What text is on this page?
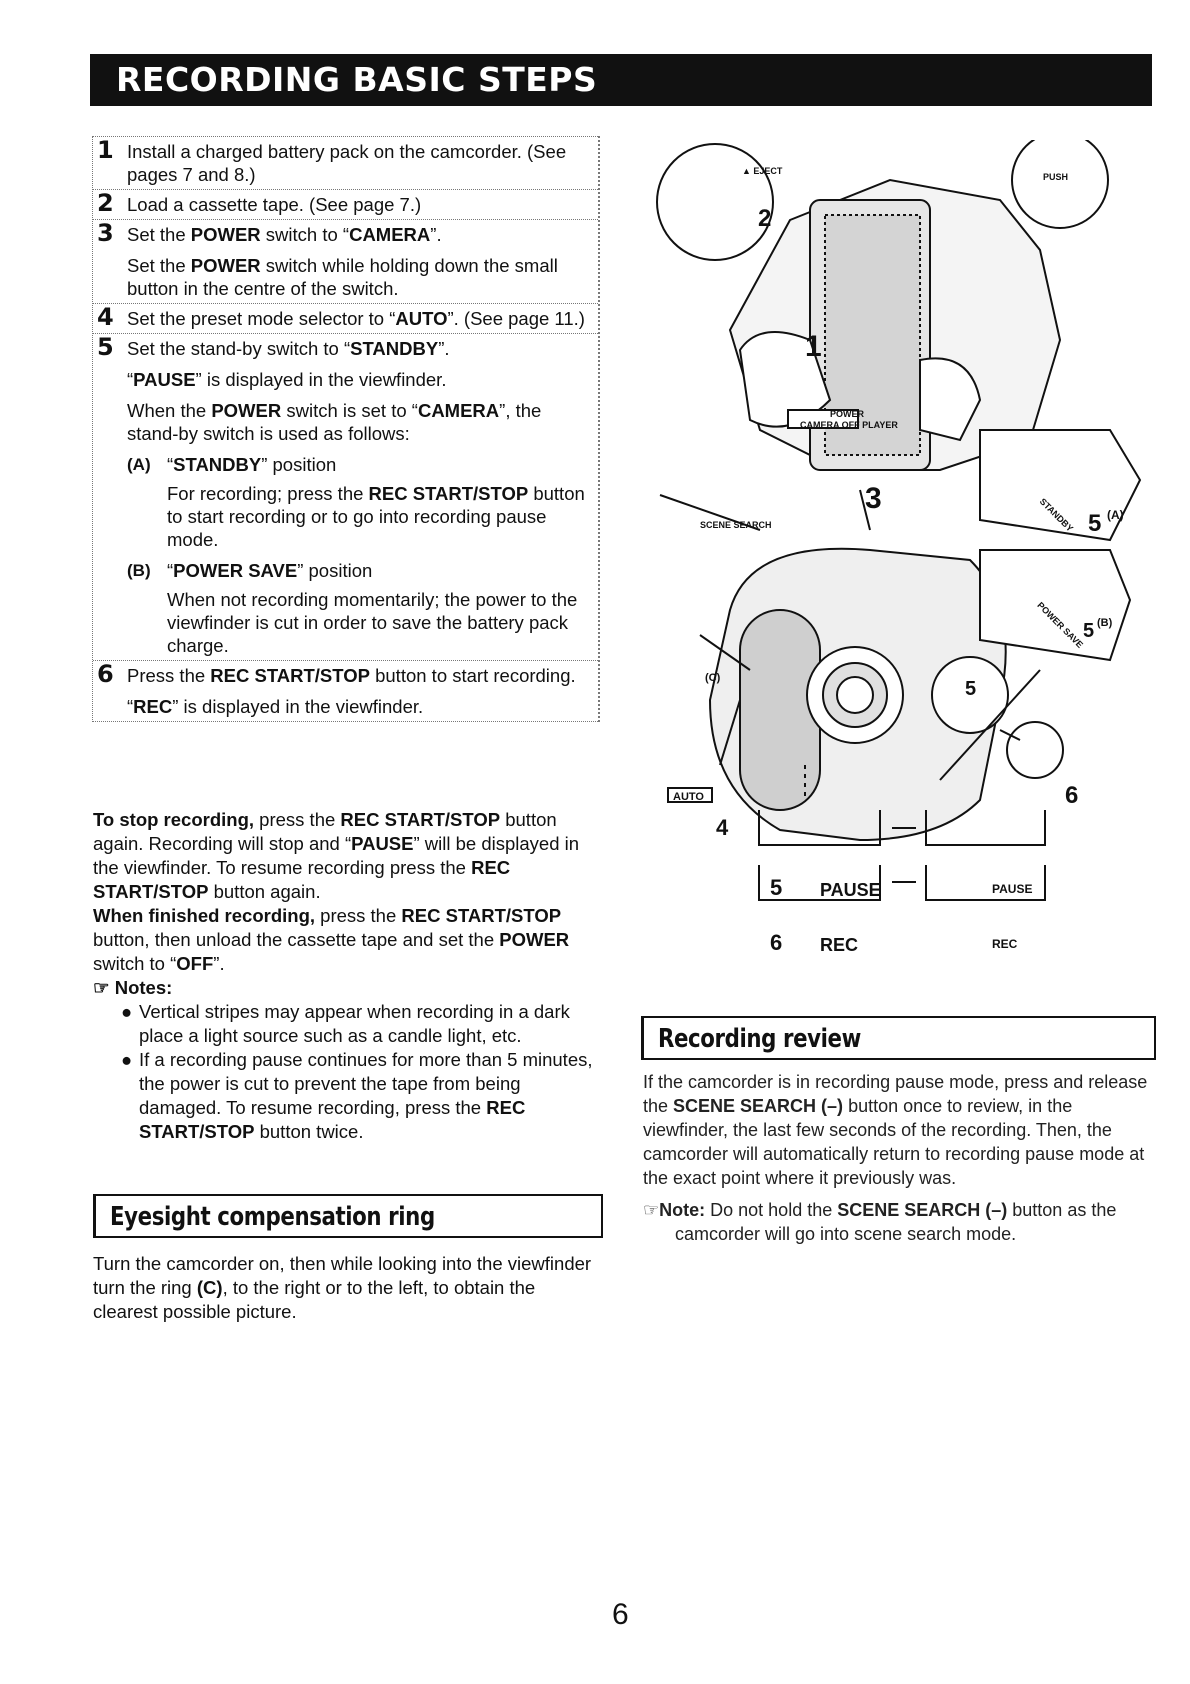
RECORDING BASIC STEPS
1 Install a charged battery pack on the camcorder. (See pages 7 and 8.)

2 Load a cassette tape. (See page 7.)

3 Set the POWER switch to “CAMERA”.

Set the POWER switch while holding down the small button in the centre of the switch.

4 Set the preset mode selector to “AUTO”. (See page 11.)

5 Set the stand-by switch to “STANDBY”.

“PAUSE” is displayed in the viewfinder.

When the POWER switch is set to “CAMERA”, the stand-by switch is used as follows:

(A) “STANDBY” position
For recording; press the REC START/STOP button to start recording or to go into recording pause mode.
(B) “POWER SAVE” position
When not recording momentarily; the power to the viewfinder is cut in order to save the battery pack charge.
6 Press the REC START/STOP button to start recording.

“REC” is displayed in the viewfinder.

To stop recording, press the REC START/STOP button again. Recording will stop and “PAUSE” will be displayed in the viewfinder. To resume recording press the REC START/STOP button again.

When finished recording, press the REC START/STOP button, then unload the cassette tape and set the POWER switch to “OFF”.

☞ Notes:

● Vertical stripes may appear when recording in a dark place a light source such as a candle light, etc.

● If a recording pause continues for more than 5 minutes, the power is cut to prevent the tape from being damaged. To resume recording, press the REC START/STOP button twice.

Eyesight compensation ring

Turn the camcorder on, then while looking into the viewfinder turn the ring (C), to the right or to the left, to obtain the clearest possible picture.

Recording review

If the camcorder is in recording pause mode, press and release the SCENE SEARCH (–) button once to review, in the viewfinder, the last few seconds of the recording. Then, the camcorder will automatically return to recording pause mode at the exact point where it previously was.

☞Note: Do not hold the SCENE SEARCH (–) button as the camcorder will go into scene search mode.

▲ EJECT
PUSH
POWER
CAMERA OFF PLAYER
SCENE SEARCH
(C)
4
AUTO
5
6
PAUSE	PAUSE
REC	REC
1
2
3
5 (A)
5 (B)
5
6
STANDBY
POWER SAVE
6
